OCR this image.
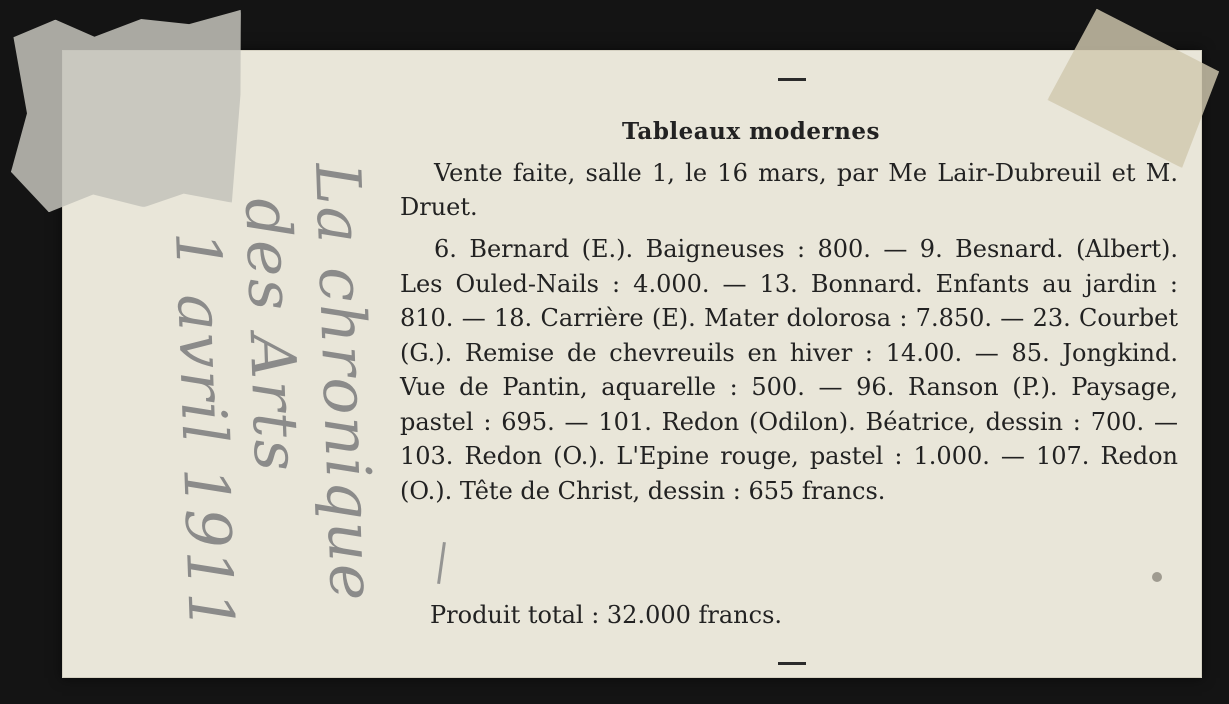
La chronique
des Arts
1 avril 1911
Tableaux modernes
Vente faite, salle 1, le 16 mars, par Me Lair-Dubreuil et M. Druet.
6. Bernard (E.). Baigneuses : 800. — 9. Besnard. (Albert). Les Ouled-Nails : 4.000. — 13. Bonnard. Enfants au jardin : 810. — 18. Carrière (E). Mater dolorosa : 7.850. — 23. Courbet (G.). Remise de chevreuils en hiver : 14.00. — 85. Jongkind. Vue de Pantin, aquarelle : 500. — 96. Ranson (P.). Paysage, pastel : 695. — 101. Redon (Odilon). Béatrice, dessin : 700. — 103. Redon (O.). L'Epine rouge, pastel : 1.000. — 107. Redon (O.). Tête de Christ, dessin : 655 francs.
Produit total : 32.000 francs.
